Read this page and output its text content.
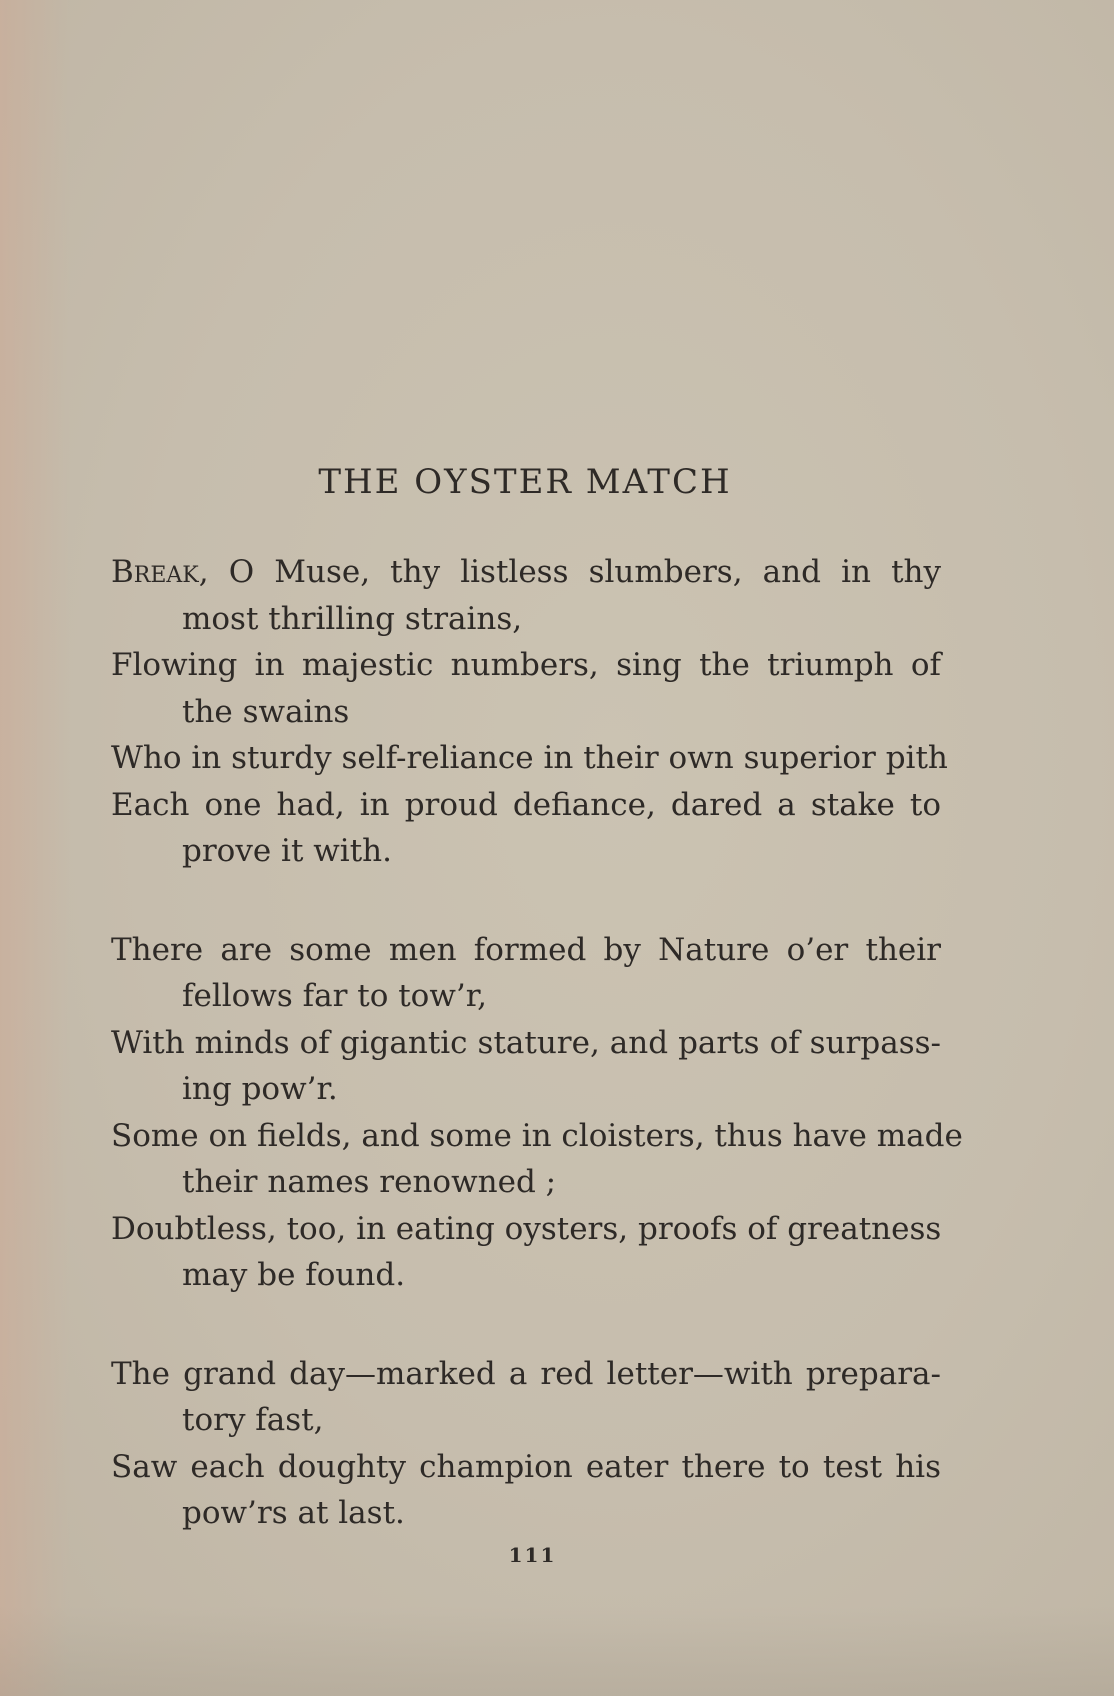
THE OYSTER MATCH
Break, O Muse, thy listless slumbers, and in thy
most thrilling strains,
Flowing in majestic numbers, sing the triumph of
the swains
Who in sturdy self-reliance in their own superior pith
Each one had, in proud defiance, dared a stake to
prove it with.
There are some men formed by Nature o’er their
fellows far to tow’r,
With minds of gigantic stature, and parts of surpass-
ing pow’r.
Some on fields, and some in cloisters, thus have made
their names renowned ;
Doubtless, too, in eating oysters, proofs of greatness
may be found.
The grand day—marked a red letter—with prepara-
tory fast,
Saw each doughty champion eater there to test his
pow’rs at last.
111
